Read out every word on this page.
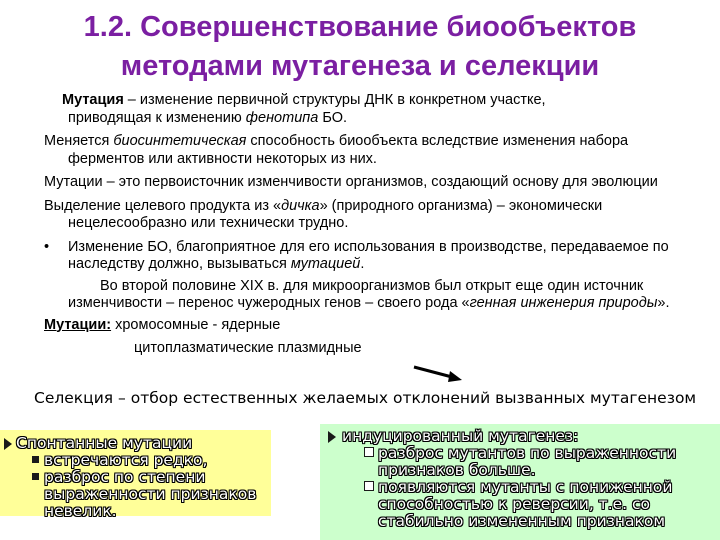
1.2. Совершенствование биообъектов
методами мутагенеза и селекции

Мутация – изменение первичной структуры ДНК в конкретном участке,
приводящая к изменению фенотипа БО.

Меняется биосинтетическая способность биообъекта вследствие изменения набора ферментов или активности некоторых из них.

Мутации – это первоисточник изменчивости организмов, создающий основу для эволюции

Выделение целевого продукта из «дичка» (природного организма) – экономически нецелесообразно или технически трудно.

• Изменение БО, благоприятное для его использования в производстве, передаваемое по наследству должно, вызываться мутацией.

Во второй половине XIX в. для микроорганизмов был открыт еще один источник изменчивости – перенос чужеродных генов – своего рода «генная инженерия природы».

Мутации: хромосомные - ядерные

цитоплазматические плазмидные

Селекция – отбор естественных желаемых отклонений вызванных мутагенезом
Спонтанные мутации
встречаются редко,
разброс по степени выраженности признаков невелик.
индуцированный мутагенез:
разброс мутантов по выраженности признаков больше.
появляются мутанты с пониженной способностью к реверсии, т.е. со стабильно измененным признаком
